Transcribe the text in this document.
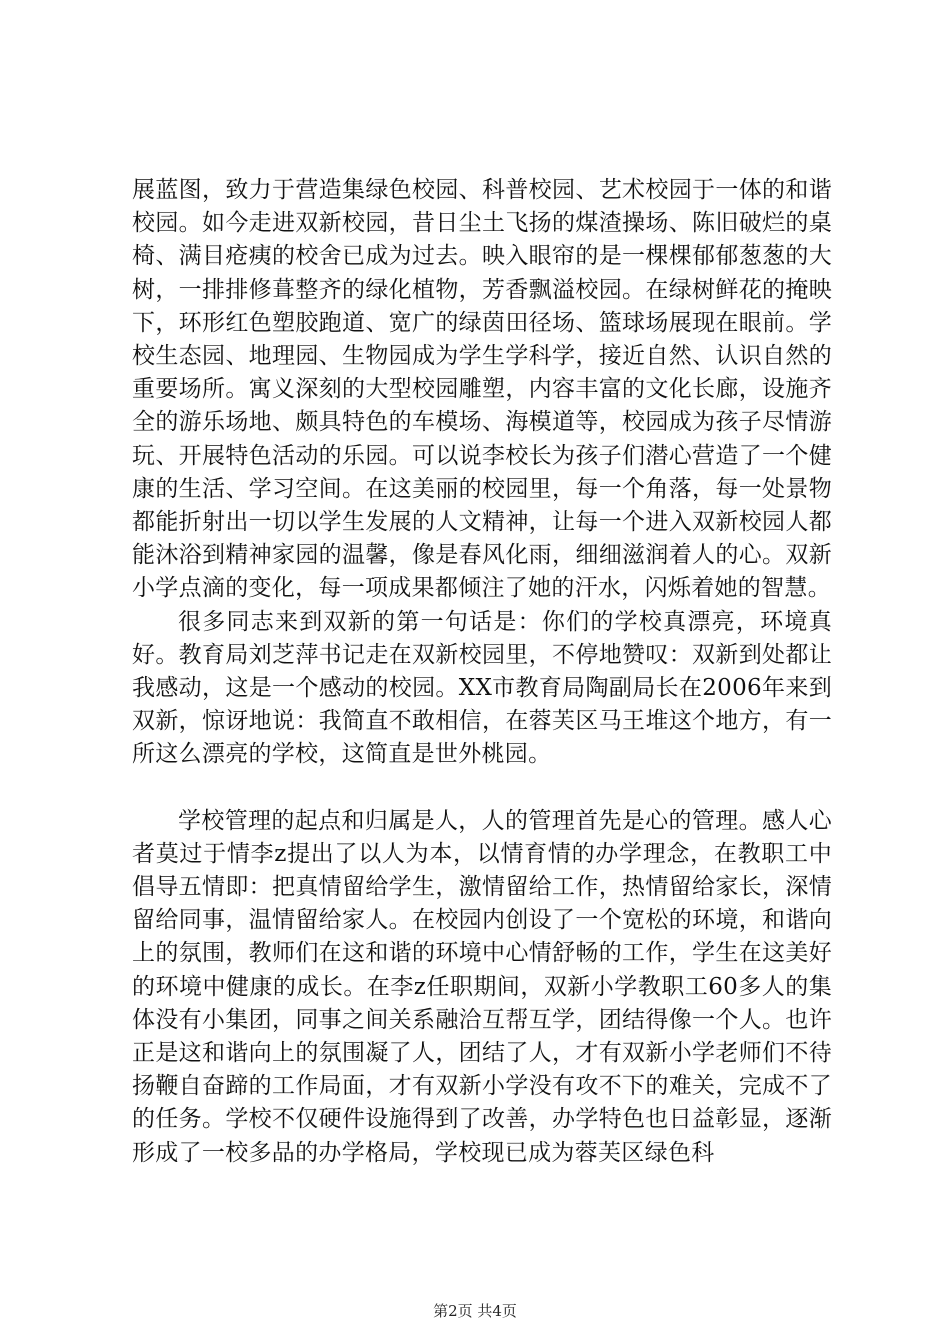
展蓝图，致力于营造集绿色校园、科普校园、艺术校园于一体的和谐校园。如今走进双新校园，昔日尘土飞扬的煤渣操场、陈旧破烂的桌椅、满目疮痍的校舍已成为过去。映入眼帘的是一棵棵郁郁葱葱的大树，一排排修葺整齐的绿化植物，芳香飘溢校园。在绿树鲜花的掩映下，环形红色塑胶跑道、宽广的绿茵田径场、篮球场展现在眼前。学校生态园、地理园、生物园成为学生学科学，接近自然、认识自然的重要场所。寓义深刻的大型校园雕塑，内容丰富的文化长廊，设施齐全的游乐场地、颇具特色的车模场、海模道等，校园成为孩子尽情游玩、开展特色活动的乐园。可以说李校长为孩子们潜心营造了一个健康的生活、学习空间。在这美丽的校园里，每一个角落，每一处景物都能折射出一切以学生发展的人文精神，让每一个进入双新校园人都能沐浴到精神家园的温馨，像是春风化雨，细细滋润着人的心。双新小学点滴的变化，每一项成果都倾注了她的汗水，闪烁着她的智慧。

很多同志来到双新的第一句话是：你们的学校真漂亮，环境真好。教育局刘芝萍书记走在双新校园里，不停地赞叹：双新到处都让我感动，这是一个感动的校园。XX市教育局陶副局长在2006年来到双新，惊讶地说：我简直不敢相信，在蓉芙区马王堆这个地方，有一所这么漂亮的学校，这简直是世外桃园。

学校管理的起点和归属是人，人的管理首先是心的管理。感人心者莫过于情李z提出了以人为本，以情育情的办学理念，在教职工中倡导五情即：把真情留给学生，激情留给工作，热情留给家长，深情留给同事，温情留给家人。在校园内创设了一个宽松的环境，和谐向上的氛围，教师们在这和谐的环境中心情舒畅的工作，学生在这美好的环境中健康的成长。在李z任职期间，双新小学教职工60多人的集体没有小集团，同事之间关系融洽互帮互学，团结得像一个人。也许正是这和谐向上的氛围凝了人，团结了人，才有双新小学老师们不待扬鞭自奋蹄的工作局面，才有双新小学没有攻不下的难关，完成不了的任务。学校不仅硬件设施得到了改善，办学特色也日益彰显，逐渐形成了一校多品的办学格局，学校现已成为蓉芙区绿色科

第2页 共4页
